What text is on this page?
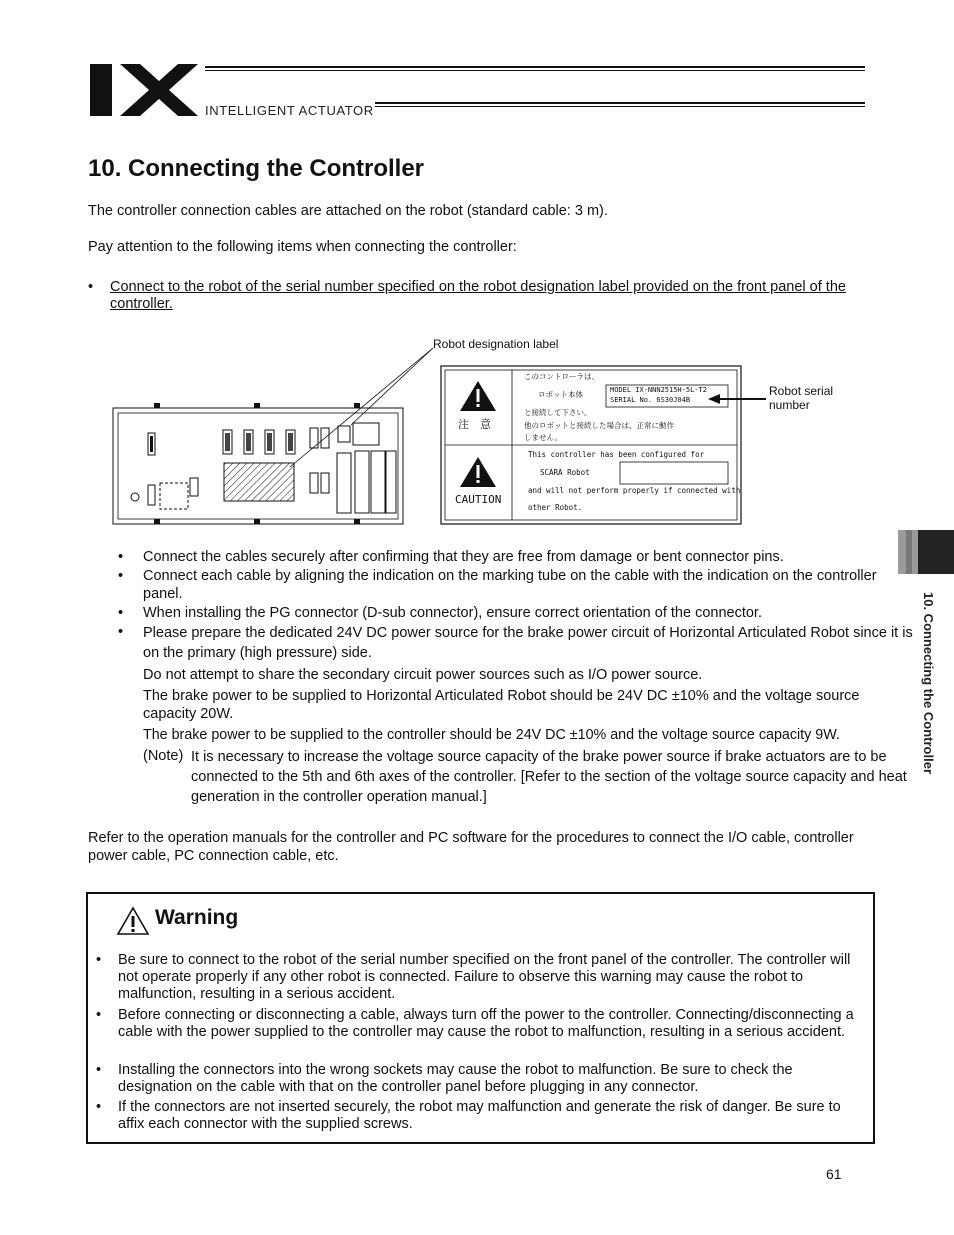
INTELLIGENT ACTUATOR
10. Connecting the Controller
The controller connection cables are attached on the robot (standard cable: 3 m).
Pay attention to the following items when connecting the controller:
• Connect to the robot of the serial number specified on the robot designation label provided on the front panel of the controller.
Robot designation label
Robot serial
number
注　意
CAUTION
このコントローラは、
ロボット本体
と接続して下さい。
他のロボットと接続した場合は、正常に動作
しません。
MODEL IX-NNN2515H-5L-T2
SERIAL No. 6S30J04B
This controller has been configured for
SCARA Robot
and will not perform properly if connected with
other Robot.
• Connect the cables securely after confirming that they are free from damage or bent connector pins.
• Connect each cable by aligning the indication on the marking tube on the cable with the indication on the controller panel.
• When installing the PG connector (D-sub connector), ensure correct orientation of the connector.
• Please prepare the dedicated 24V DC power source for the brake power circuit of Horizontal Articulated Robot since it is on the primary (high pressure) side.
Do not attempt to share the secondary circuit power sources such as I/O power source.
The brake power to be supplied to Horizontal Articulated Robot should be 24V DC ±10% and the voltage source capacity 20W.
The brake power to be supplied to the controller should be 24V DC ±10% and the voltage source capacity 9W.
(Note) It is necessary to increase the voltage source capacity of the brake power source if brake actuators are to be connected to the 5th and 6th axes of the controller. [Refer to the section of the voltage source capacity and heat generation in the controller operation manual.]
Refer to the operation manuals for the controller and PC software for the procedures to connect the I/O cable, controller power cable, PC connection cable, etc.
• Be sure to connect to the robot of the serial number specified on the front panel of the controller. The controller will not operate properly if any other robot is connected. Failure to observe this warning may cause the robot to malfunction, resulting in a serious accident.
• Before connecting or disconnecting a cable, always turn off the power to the controller. Connecting/disconnecting a cable with the power supplied to the controller may cause the robot to malfunction, resulting in a serious accident.
• Installing the connectors into the wrong sockets may cause the robot to malfunction. Be sure to check the designation on the cable with that on the controller panel before plugging in any connector.
• If the connectors are not inserted securely, the robot may malfunction and generate the risk of danger. Be sure to affix each connector with the supplied screws.
Warning
10. Connecting the Controller
61
